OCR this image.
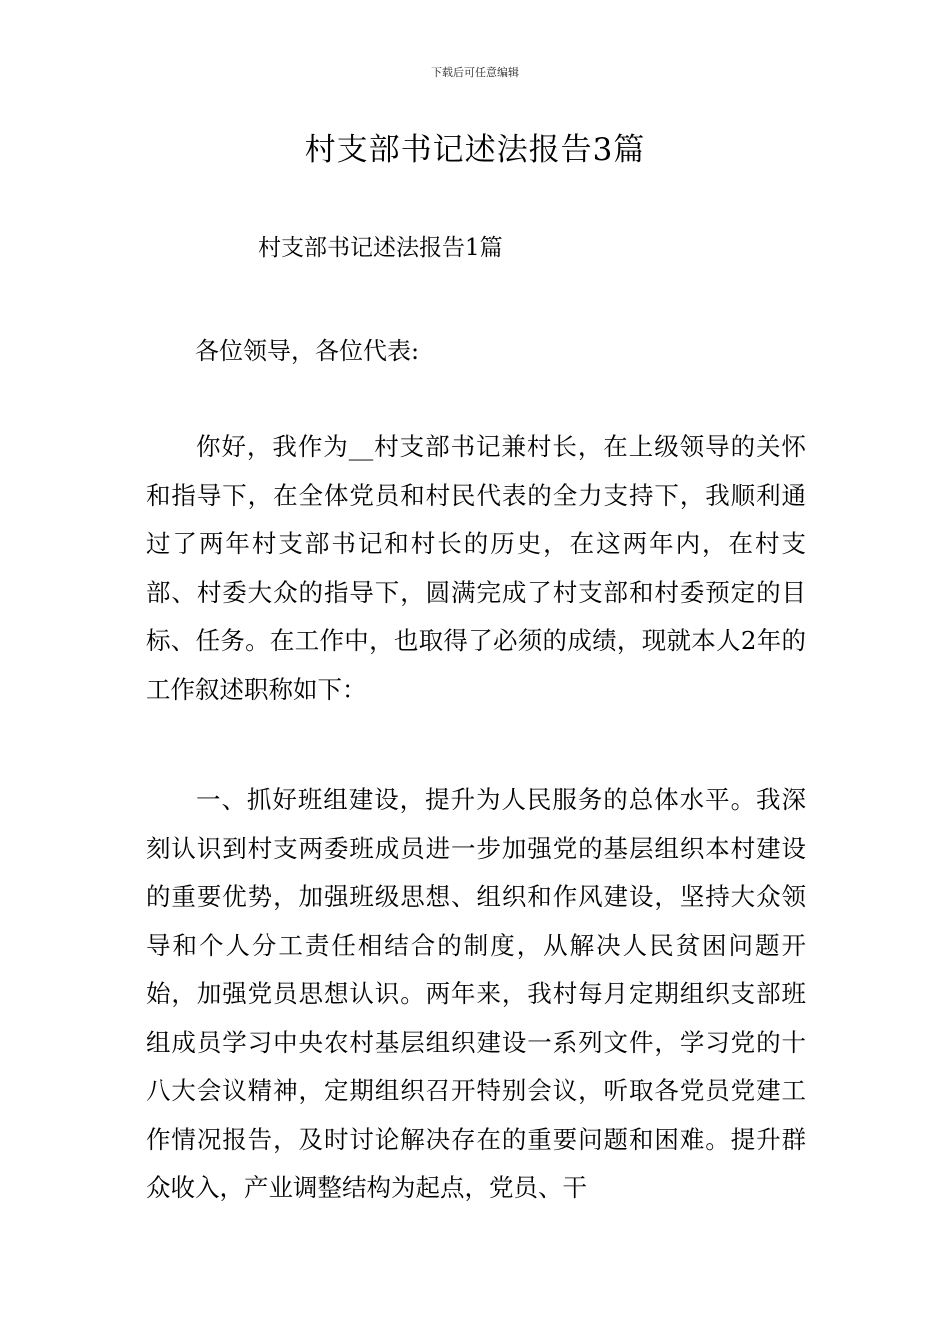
下载后可任意编辑
村支部书记述法报告3篇
村支部书记述法报告1篇
各位领导，各位代表:

你好，我作为__村支部书记兼村长，在上级领导的关怀和指导下，在全体党员和村民代表的全力支持下，我顺利通过了两年村支部书记和村长的历史，在这两年内，在村支部、村委大众的指导下，圆满完成了村支部和村委预定的目标、任务。在工作中，也取得了必须的成绩，现就本人2年的工作叙述职称如下：

一、抓好班组建设，提升为人民服务的总体水平。我深刻认识到村支两委班成员进一步加强党的基层组织本村建设的重要优势，加强班级思想、组织和作风建设，坚持大众领导和个人分工责任相结合的制度，从解决人民贫困问题开始，加强党员思想认识。两年来，我村每月定期组织支部班组成员学习中央农村基层组织建设一系列文件，学习党的十八大会议精神，定期组织召开特别会议，听取各党员党建工作情况报告，及时讨论解决存在的重要问题和困难。提升群众收入，产业调整结构为起点，党员、干
